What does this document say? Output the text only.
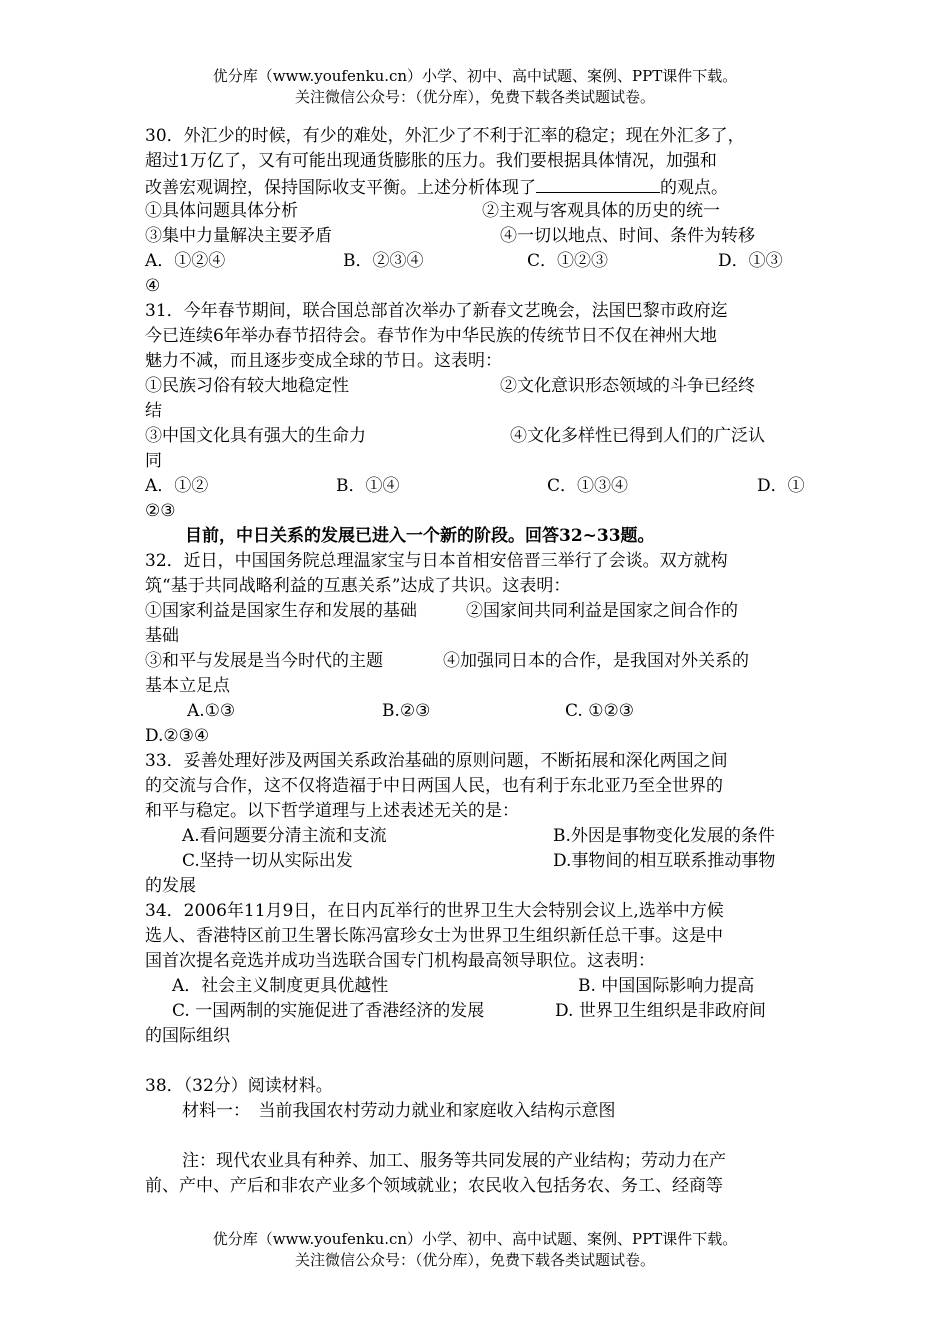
优分库（www.youfenku.cn）小学、初中、高中试题、案例、PPT课件下载。
关注微信公众号：（优分库），免费下载各类试题试卷。
30．外汇少的时候，有少的难处，外汇少了不利于汇率的稳定；现在外汇多了，
超过1万亿了，又有可能出现通货膨胀的压力。我们要根据具体情况，加强和
改善宏观调控，保持国际收支平衡。上述分析体现了	的观点。
①具体问题具体分析	②主观与客观具体的历史的统一
③集中力量解决主要矛盾	④一切以地点、时间、条件为转移
A．①②④	B．②③④	C．①②③	D．①③
④
31．今年春节期间，联合国总部首次举办了新春文艺晚会，法国巴黎市政府迄
今已连续6年举办春节招待会。春节作为中华民族的传统节日不仅在神州大地
魅力不减，而且逐步变成全球的节日。这表明：
①民族习俗有较大地稳定性	②文化意识形态领域的斗争已经终
结
③中国文化具有强大的生命力	④文化多样性已得到人们的广泛认
同
A．①②	B．①④	C．①③④	D．①
②③
目前，中日关系的发展已进入一个新的阶段。回答32~33题。
32．近日，中国国务院总理温家宝与日本首相安倍晋三举行了会谈。双方就构
筑“基于共同战略利益的互惠关系”达成了共识。这表明：
①国家利益是国家生存和发展的基础	②国家间共同利益是国家之间合作的
基础
③和平与发展是当今时代的主题	④加强同日本的合作，是我国对外关系的
基本立足点
A.①③	B.②③	C. ①②③
D.②③④
33．妥善处理好涉及两国关系政治基础的原则问题，不断拓展和深化两国之间
的交流与合作，这不仅将造福于中日两国人民，也有利于东北亚乃至全世界的
和平与稳定。以下哲学道理与上述表述无关的是：
A.看问题要分清主流和支流	B.外因是事物变化发展的条件
C.坚持一切从实际出发	D.事物间的相互联系推动事物
的发展
34．2006年11月9日，在日内瓦举行的世界卫生大会特别会议上,选举中方候
选人、香港特区前卫生署长陈冯富珍女士为世界卫生组织新任总干事。这是中
国首次提名竞选并成功当选联合国专门机构最高领导职位。这表明：
A．社会主义制度更具优越性	B. 中国国际影响力提高
C. 一国两制的实施促进了香港经济的发展	D. 世界卫生组织是非政府间
的国际组织
38．（32分）阅读材料。
材料一：　当前我国农村劳动力就业和家庭收入结构示意图
注：现代农业具有种养、加工、服务等共同发展的产业结构；劳动力在产
前、产中、产后和非农产业多个领域就业；农民收入包括务农、务工、经商等
优分库（www.youfenku.cn）小学、初中、高中试题、案例、PPT课件下载。
关注微信公众号：（优分库），免费下载各类试题试卷。
